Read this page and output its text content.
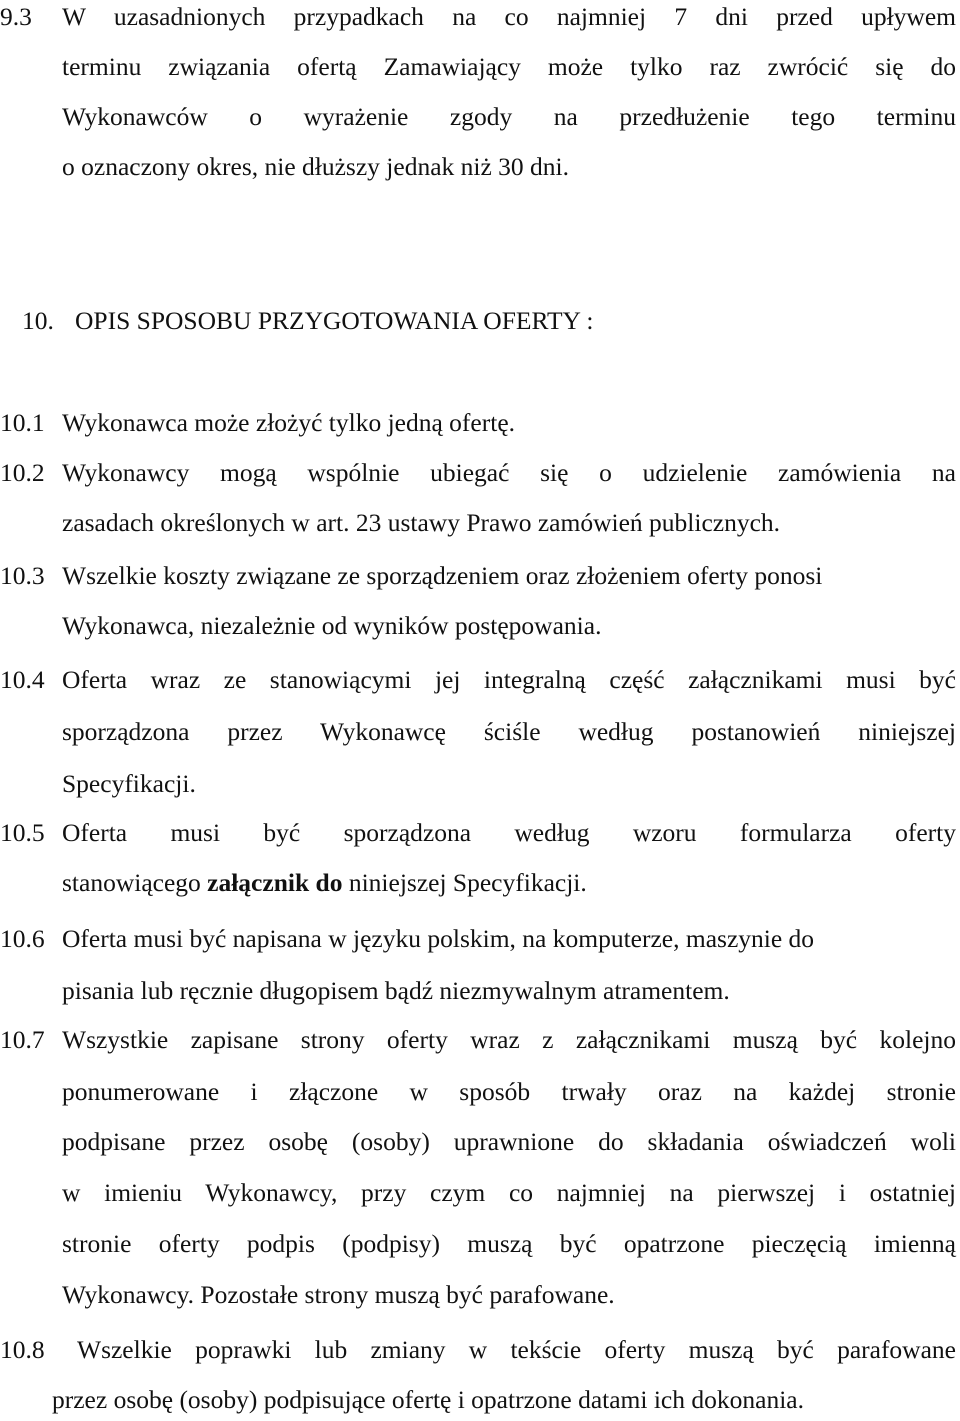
9.3 W uzasadnionych przypadkach na co najmniej 7 dni przed upływem
terminu związania ofertą Zamawiający może tylko raz zwrócić się do
Wykonawców o wyrażenie zgody na przedłużenie tego terminu
o oznaczony okres, nie dłuższy jednak niż 30 dni.
10. OPIS SPOSOBU PRZYGOTOWANIA OFERTY :
10.1 Wykonawca może złożyć tylko jedną ofertę.
10.2 Wykonawcy mogą wspólnie ubiegać się o udzielenie zamówienia na
zasadach określonych w art. 23 ustawy Prawo zamówień publicznych.
10.3 Wszelkie koszty związane ze sporządzeniem oraz złożeniem oferty ponosi
Wykonawca, niezależnie od wyników postępowania.
10.4 Oferta wraz ze stanowiącymi jej integralną część załącznikami musi być
sporządzona przez Wykonawcę ściśle według postanowień niniejszej
Specyfikacji.
10.5 Oferta musi być sporządzona według wzoru formularza oferty
stanowiącego załącznik do niniejszej Specyfikacji.
10.6 Oferta musi być napisana w języku polskim, na komputerze, maszynie do
pisania lub ręcznie długopisem bądź niezmywalnym atramentem.
10.7 Wszystkie zapisane strony oferty wraz z załącznikami muszą być kolejno
ponumerowane i złączone w sposób trwały oraz na każdej stronie
podpisane przez osobę (osoby) uprawnione do składania oświadczeń woli
w imieniu Wykonawcy, przy czym co najmniej na pierwszej i ostatniej
stronie oferty podpis (podpisy) muszą być opatrzone pieczęcią imienną
Wykonawcy. Pozostałe strony muszą być parafowane.
10.8 Wszelkie poprawki lub zmiany w tekście oferty muszą być parafowane
przez osobę (osoby) podpisujące ofertę i opatrzone datami ich dokonania.
